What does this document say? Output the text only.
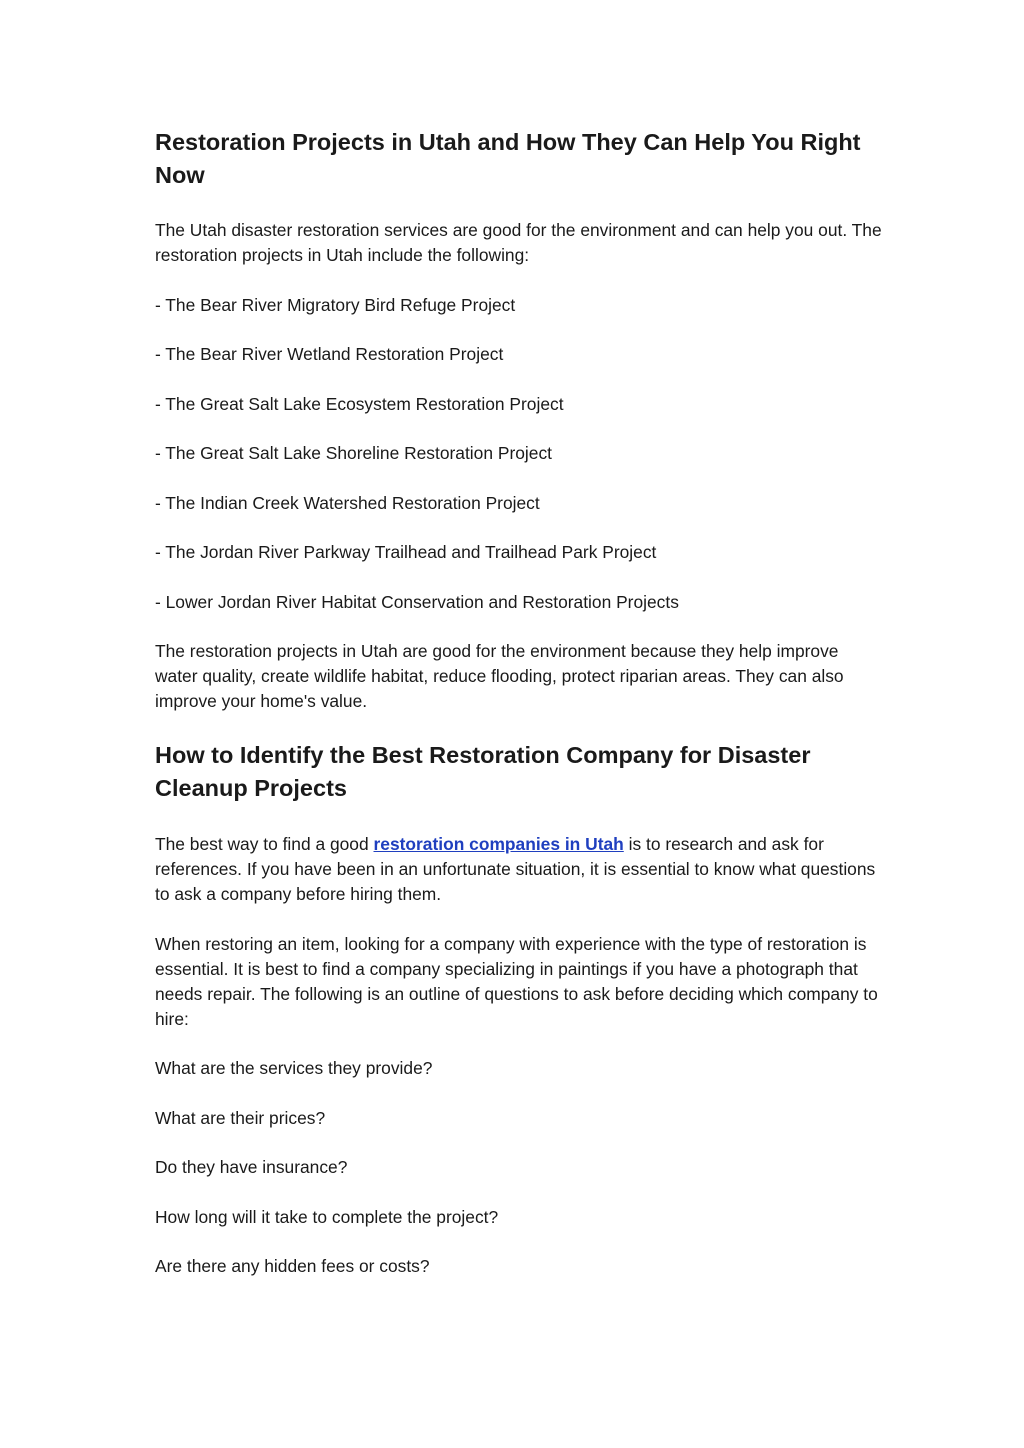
Restoration Projects in Utah and How They Can Help You Right Now

The Utah disaster restoration services are good for the environment and can help you out. The restoration projects in Utah include the following:

- The Bear River Migratory Bird Refuge Project

- The Bear River Wetland Restoration Project

- The Great Salt Lake Ecosystem Restoration Project

- The Great Salt Lake Shoreline Restoration Project

- The Indian Creek Watershed Restoration Project

- The Jordan River Parkway Trailhead and Trailhead Park Project

- Lower Jordan River Habitat Conservation and Restoration Projects

The restoration projects in Utah are good for the environment because they help improve water quality, create wildlife habitat, reduce flooding, protect riparian areas. They can also improve your home's value.

How to Identify the Best Restoration Company for Disaster Cleanup Projects

The best way to find a good restoration companies in Utah is to research and ask for references. If you have been in an unfortunate situation, it is essential to know what questions to ask a company before hiring them.

When restoring an item, looking for a company with experience with the type of restoration is essential. It is best to find a company specializing in paintings if you have a photograph that needs repair. The following is an outline of questions to ask before deciding which company to hire:

What are the services they provide?

What are their prices?

Do they have insurance?

How long will it take to complete the project?

Are there any hidden fees or costs?
